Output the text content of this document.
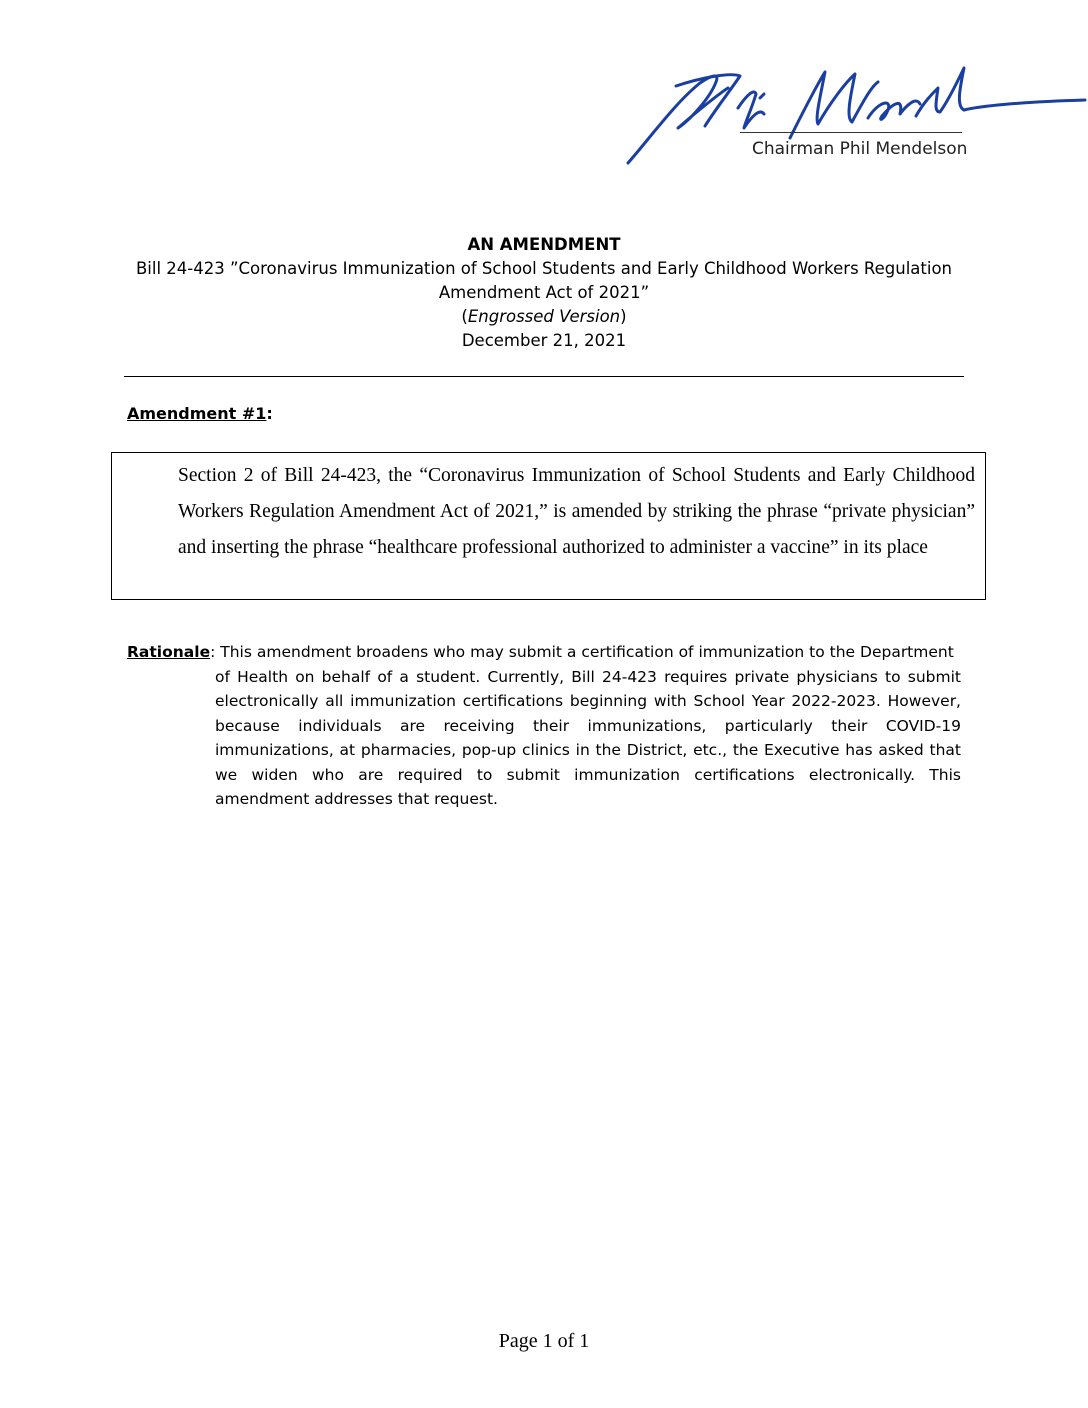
Chairman Phil Mendelson
AN AMENDMENT
Bill 24-423 ”Coronavirus Immunization of School Students and Early Childhood Workers Regulation
Amendment Act of 2021”
(Engrossed Version)
December 21, 2021
Amendment #1:
Section 2 of Bill 24-423, the “Coronavirus Immunization of School Students and Early Childhood Workers Regulation Amendment Act of 2021,” is amended by striking the phrase “private physician” and inserting the phrase “healthcare professional authorized to administer a vaccine” in its place
Rationale: This amendment broadens who may submit a certification of immunization to the Department
of Health on behalf of a student. Currently, Bill 24-423 requires private physicians to submit electronically all immunization certifications beginning with School Year 2022-2023. However, because individuals are receiving their immunizations, particularly their COVID-19 immunizations, at pharmacies, pop-up clinics in the District, etc., the Executive has asked that we widen who are required to submit immunization certifications electronically. This amendment addresses that request.
Page 1 of 1
